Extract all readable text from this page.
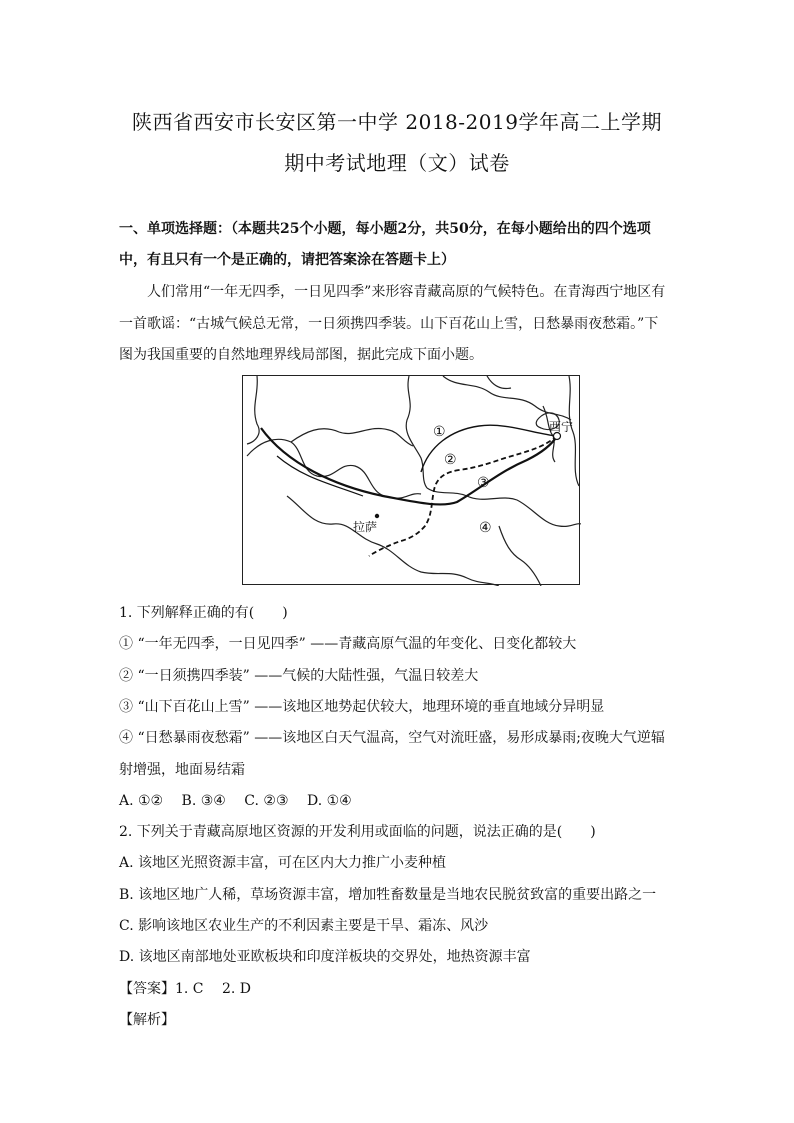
陕西省西安市长安区第一中学 2018-2019学年高二上学期
期中考试地理（文）试卷
一、单项选择题：（本题共25个小题，每小题2分，共50分，在每小题给出的四个选项
中，有且只有一个是正确的，请把答案涂在答题卡上）
人们常用“一年无四季，一日见四季”来形容青藏高原的气候特色。在青海西宁地区有
一首歌谣：“古城气候总无常，一日须携四季装。山下百花山上雪，日愁暴雨夜愁霜。”下
图为我国重要的自然地理界线局部图，据此完成下面小题。
拉萨
西宁
①
②
③
④
1. 下列解释正确的有(　　)
① “一年无四季，一日见四季” ——青藏高原气温的年变化、日变化都较大
② “一日须携四季装” ——气候的大陆性强，气温日较差大
③ “山下百花山上雪” ——该地区地势起伏较大，地理环境的垂直地域分异明显
④ “日愁暴雨夜愁霜” ——该地区白天气温高，空气对流旺盛，易形成暴雨;夜晚大气逆辐
射增强，地面易结霜
A. ①②　 B. ③④　 C. ②③　 D. ①④
2. 下列关于青藏高原地区资源的开发利用或面临的问题，说法正确的是(　　)
A. 该地区光照资源丰富，可在区内大力推广小麦种植
B. 该地区地广人稀，草场资源丰富，增加牲畜数量是当地农民脱贫致富的重要出路之一
C. 影响该地区农业生产的不利因素主要是干旱、霜冻、风沙
D. 该地区南部地处亚欧板块和印度洋板块的交界处，地热资源丰富
【答案】1. C　 2. D
【解析】
